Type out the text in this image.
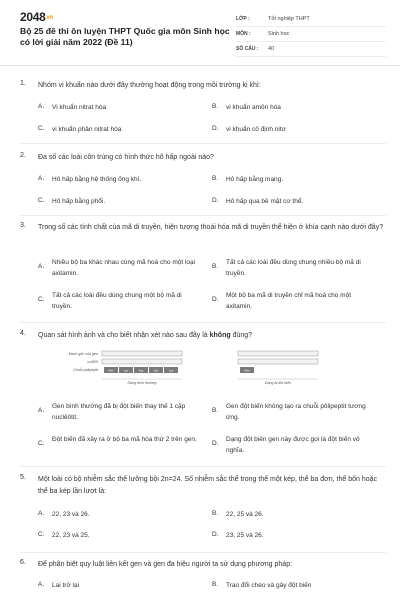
2048vn
Bộ 25 đề thi ôn luyện THPT Quốc gia môn Sinh học có lời giải năm 2022 (Đề 11)
LỚP :	Tốt nghiệp THPT
MÔN :	Sinh học
SỐ CÂU :	40
1. Nhóm vi khuẩn nào dưới đây thường hoạt động trong môi trường kị khí:
A.	Vi khuẩn nitrat hóa	B.	vi khuẩn amôn hóa
C.	vi khuẩn phản nitrat hóa	D.	vi khuẩn cố định nitơ
2. Đa số các loài côn trùng có hình thức hô hấp ngoài nào?
A.	Hô hấp bằng hệ thống ống khí.	B.	Hô hấp bằng mang.
C.	Hô hấp bằng phổi.	D.	Hô hấp qua bề mặt cơ thể.
3. Trong số các tính chất của mã di truyền, hiện tượng thoái hóa mã di truyền thể hiện ở khía cạnh nào dưới đây?
A.
Nhiều bộ ba khác nhau cùng mã hoá cho một loại axitamin.
B.
Tất cả các loài đều dùng chung nhiều bộ mã di truyền.
C.
Tất cả các loài đều dùng chung một bộ mã di truyền.
D.
Một bộ ba mã di truyền chỉ mã hoá cho một axitamin.
4. Quan sát hình ảnh và cho biết nhận xét nào sau đây là không đúng?
Mạch gốc của gen
mARN
Chuỗi pôlipeptit	Met	Lys	Arg	Gly	Lys	Met
Dạng bình thường	Dạng bị đột biến
A.
Gen bình thường đã bị đột biến thay thế 1 cặp nuclêôtit.
B.
Gen đột biến không tạo ra chuỗi pôlipeptit tương ứng.
C.
Đột biến đã xảy ra ở bộ ba mã hóa thứ 2 trên gen.
D.
Dạng đột biến gen này được gọi là đột biến vô nghĩa.
5. Một loài có bộ nhiễm sắc thể lưỡng bội 2n=24. Số nhiễm sắc thể trong thể một kép, thể ba đơn, thể bốn hoặc thể ba kép lần lượt là:
A.	22, 23 và 26.	B.	22, 25 và 26.
C.	22, 23 và 25.	D.	23, 25 và 26.
6. Để phân biệt quy luật liên kết gen và gen đa hiệu người ta sử dụng phương pháp:
A.	Lai trở lại	B.	Trao đổi chéo và gây đột biến
